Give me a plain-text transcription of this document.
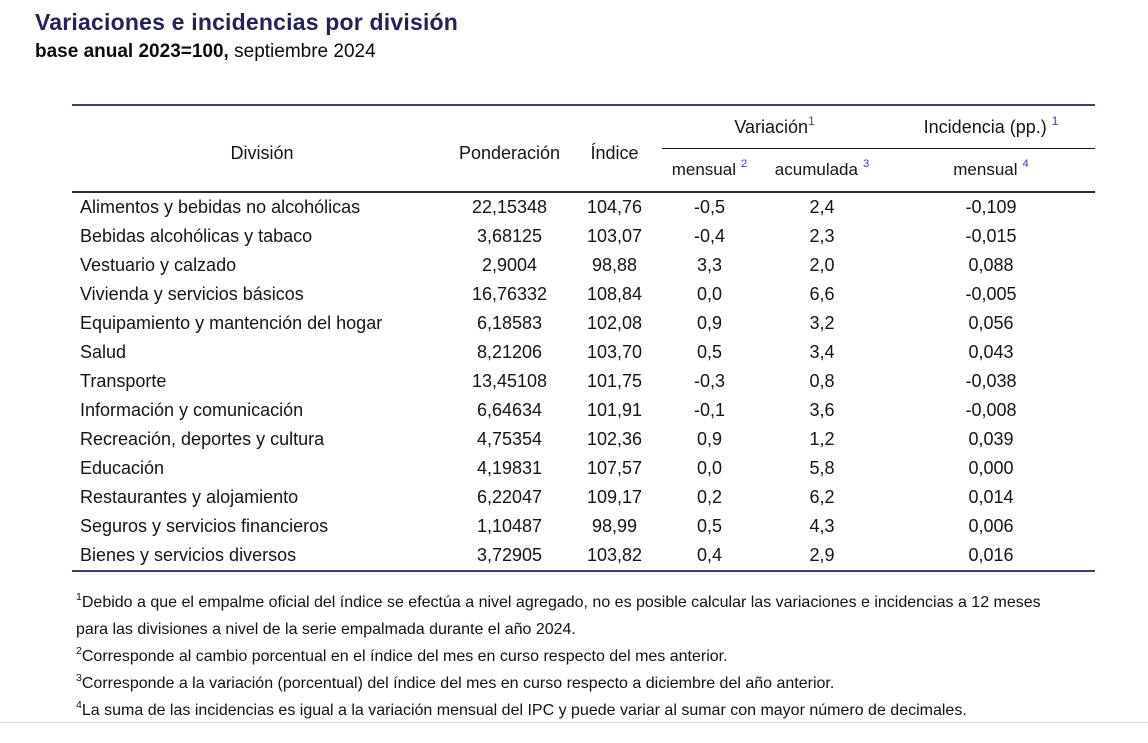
Variaciones e incidencias por división

base anual 2023=100, septiembre 2024

División	Ponderación	Índice	Variación$^1$		Incidencia (pp.) $^1$
			mensual $^2$	acumulada $^3$	mensual $^4$
Alimentos y bebidas no alcohólicas	22,15348	104,76	-0,5	2,4	-0,109
Bebidas alcohólicas y tabaco	3,68125	103,07	-0,4	2,3	-0,015
Vestuario y calzado	2,9004	98,88	3,3	2,0	0,088
Vivienda y servicios básicos	16,76332	108,84	0,0	6,6	-0,005
Equipamiento y mantención del hogar	6,18583	102,08	0,9	3,2	0,056
Salud	8,21206	103,70	0,5	3,4	0,043
Transporte	13,45108	101,75	-0,3	0,8	-0,038
Información y comunicación	6,64634	101,91	-0,1	3,6	-0,008
Recreación, deportes y cultura	4,75354	102,36	0,9	1,2	0,039
Educación	4,19831	107,57	0,0	5,8	0,000
Restaurantes y alojamiento	6,22047	109,17	0,2	6,2	0,014
Seguros y servicios financieros	1,10487	98,99	0,5	4,3	0,006
Bienes y servicios diversos	3,72905	103,82	0,4	2,9	0,016

$^1$Debido a que el empalme oficial del índice se efectúa a nivel agregado, no es posible calcular las variaciones e incidencias a 12 meses para las divisiones a nivel de la serie empalmada durante el año 2024.

$^2$Corresponde al cambio porcentual en el índice del mes en curso respecto del mes anterior.

$^3$Corresponde a la variación (porcentual) del índice del mes en curso respecto a diciembre del año anterior.

$^4$La suma de las incidencias es igual a la variación mensual del IPC y puede variar al sumar con mayor número de decimales.
